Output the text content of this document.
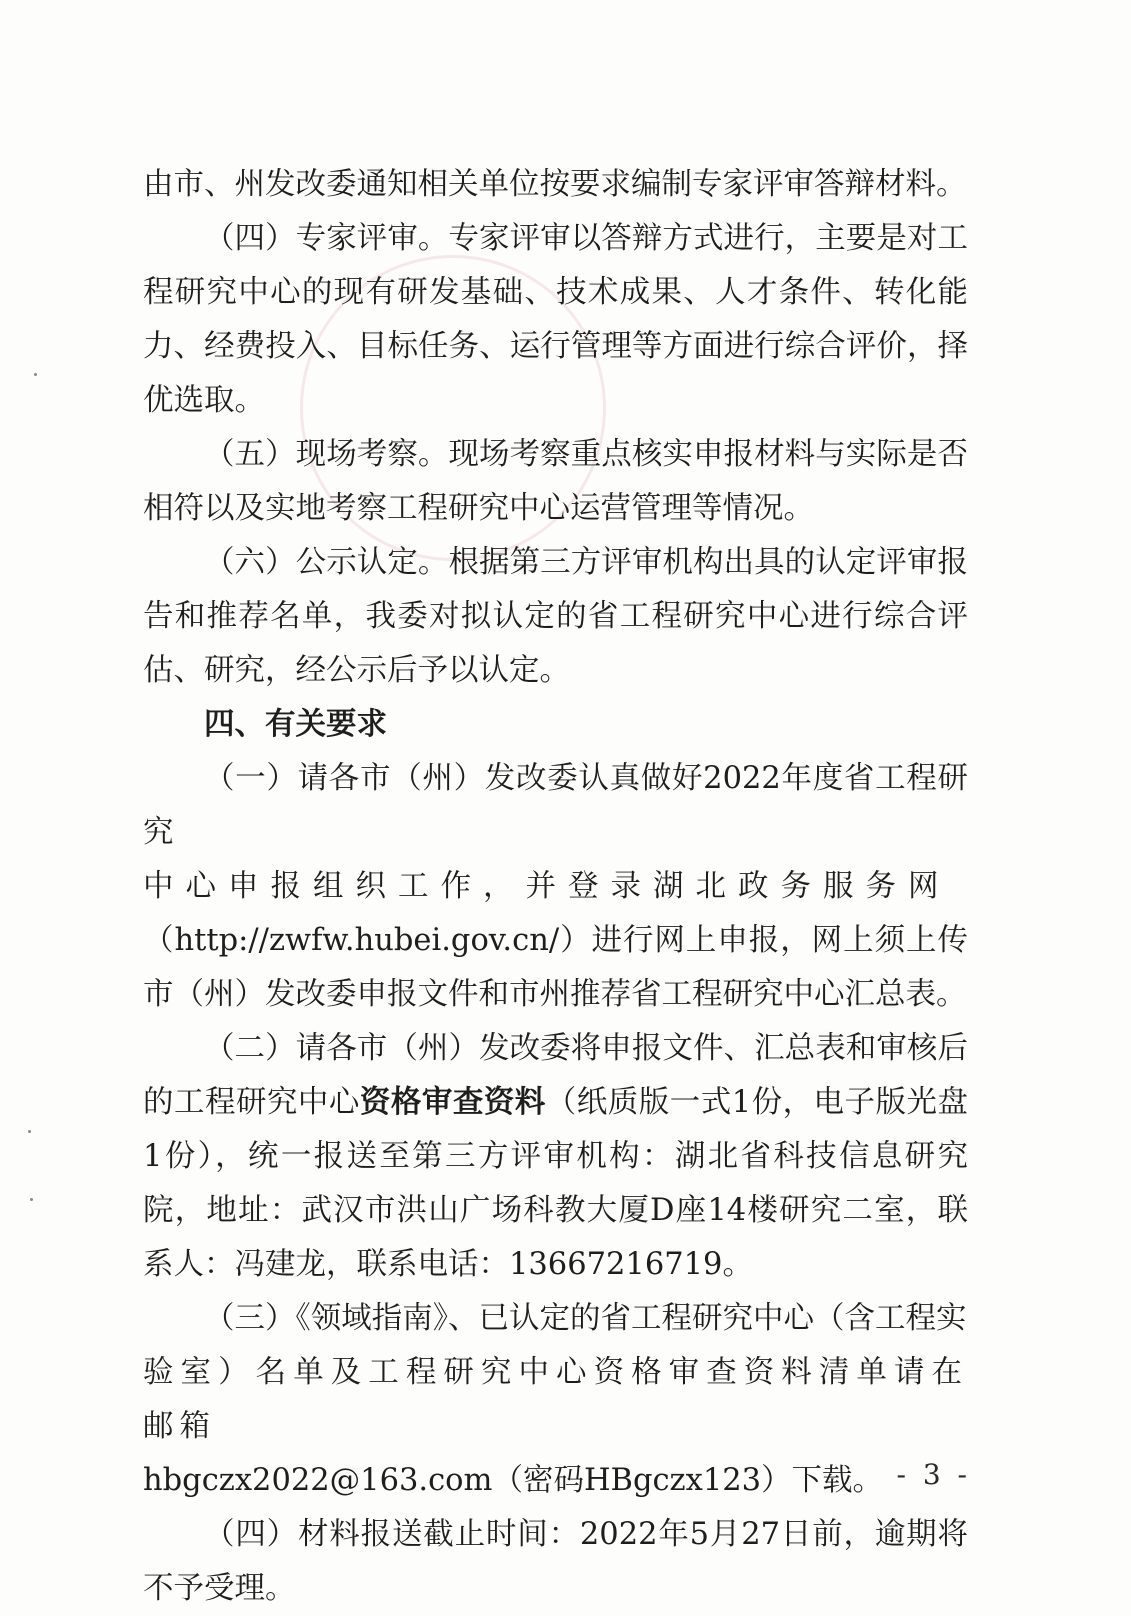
由市、州发改委通知相关单位按要求编制专家评审答辩材料。

（四）专家评审。专家评审以答辩方式进行，主要是对工程研究中心的现有研发基础、技术成果、人才条件、转化能力、经费投入、目标任务、运行管理等方面进行综合评价，择优选取。

（五）现场考察。现场考察重点核实申报材料与实际是否相符以及实地考察工程研究中心运营管理等情况。

（六）公示认定。根据第三方评审机构出具的认定评审报告和推荐名单，我委对拟认定的省工程研究中心进行综合评估、研究，经公示后予以认定。

四、有关要求

（一）请各市（州）发改委认真做好2022年度省工程研究

中心申报组织工作，并登录湖北政务服务网

（http://zwfw.hubei.gov.cn/）进行网上申报，网上须上传市（州）发改委申报文件和市州推荐省工程研究中心汇总表。

（二）请各市（州）发改委将申报文件、汇总表和审核后的工程研究中心资格审查资料（纸质版一式1份，电子版光盘1份），统一报送至第三方评审机构：湖北省科技信息研究院，地址：武汉市洪山广场科教大厦D座14楼研究二室，联系人：冯建龙，联系电话：13667216719。

（三）《领域指南》、已认定的省工程研究中心（含工程实

验室）名单及工程研究中心资格审查资料清单请在邮箱

hbgczx2022@163.com（密码HBgczx123）下载。

（四）材料报送截止时间：2022年5月27日前，逾期将不予受理。

- 3 -
